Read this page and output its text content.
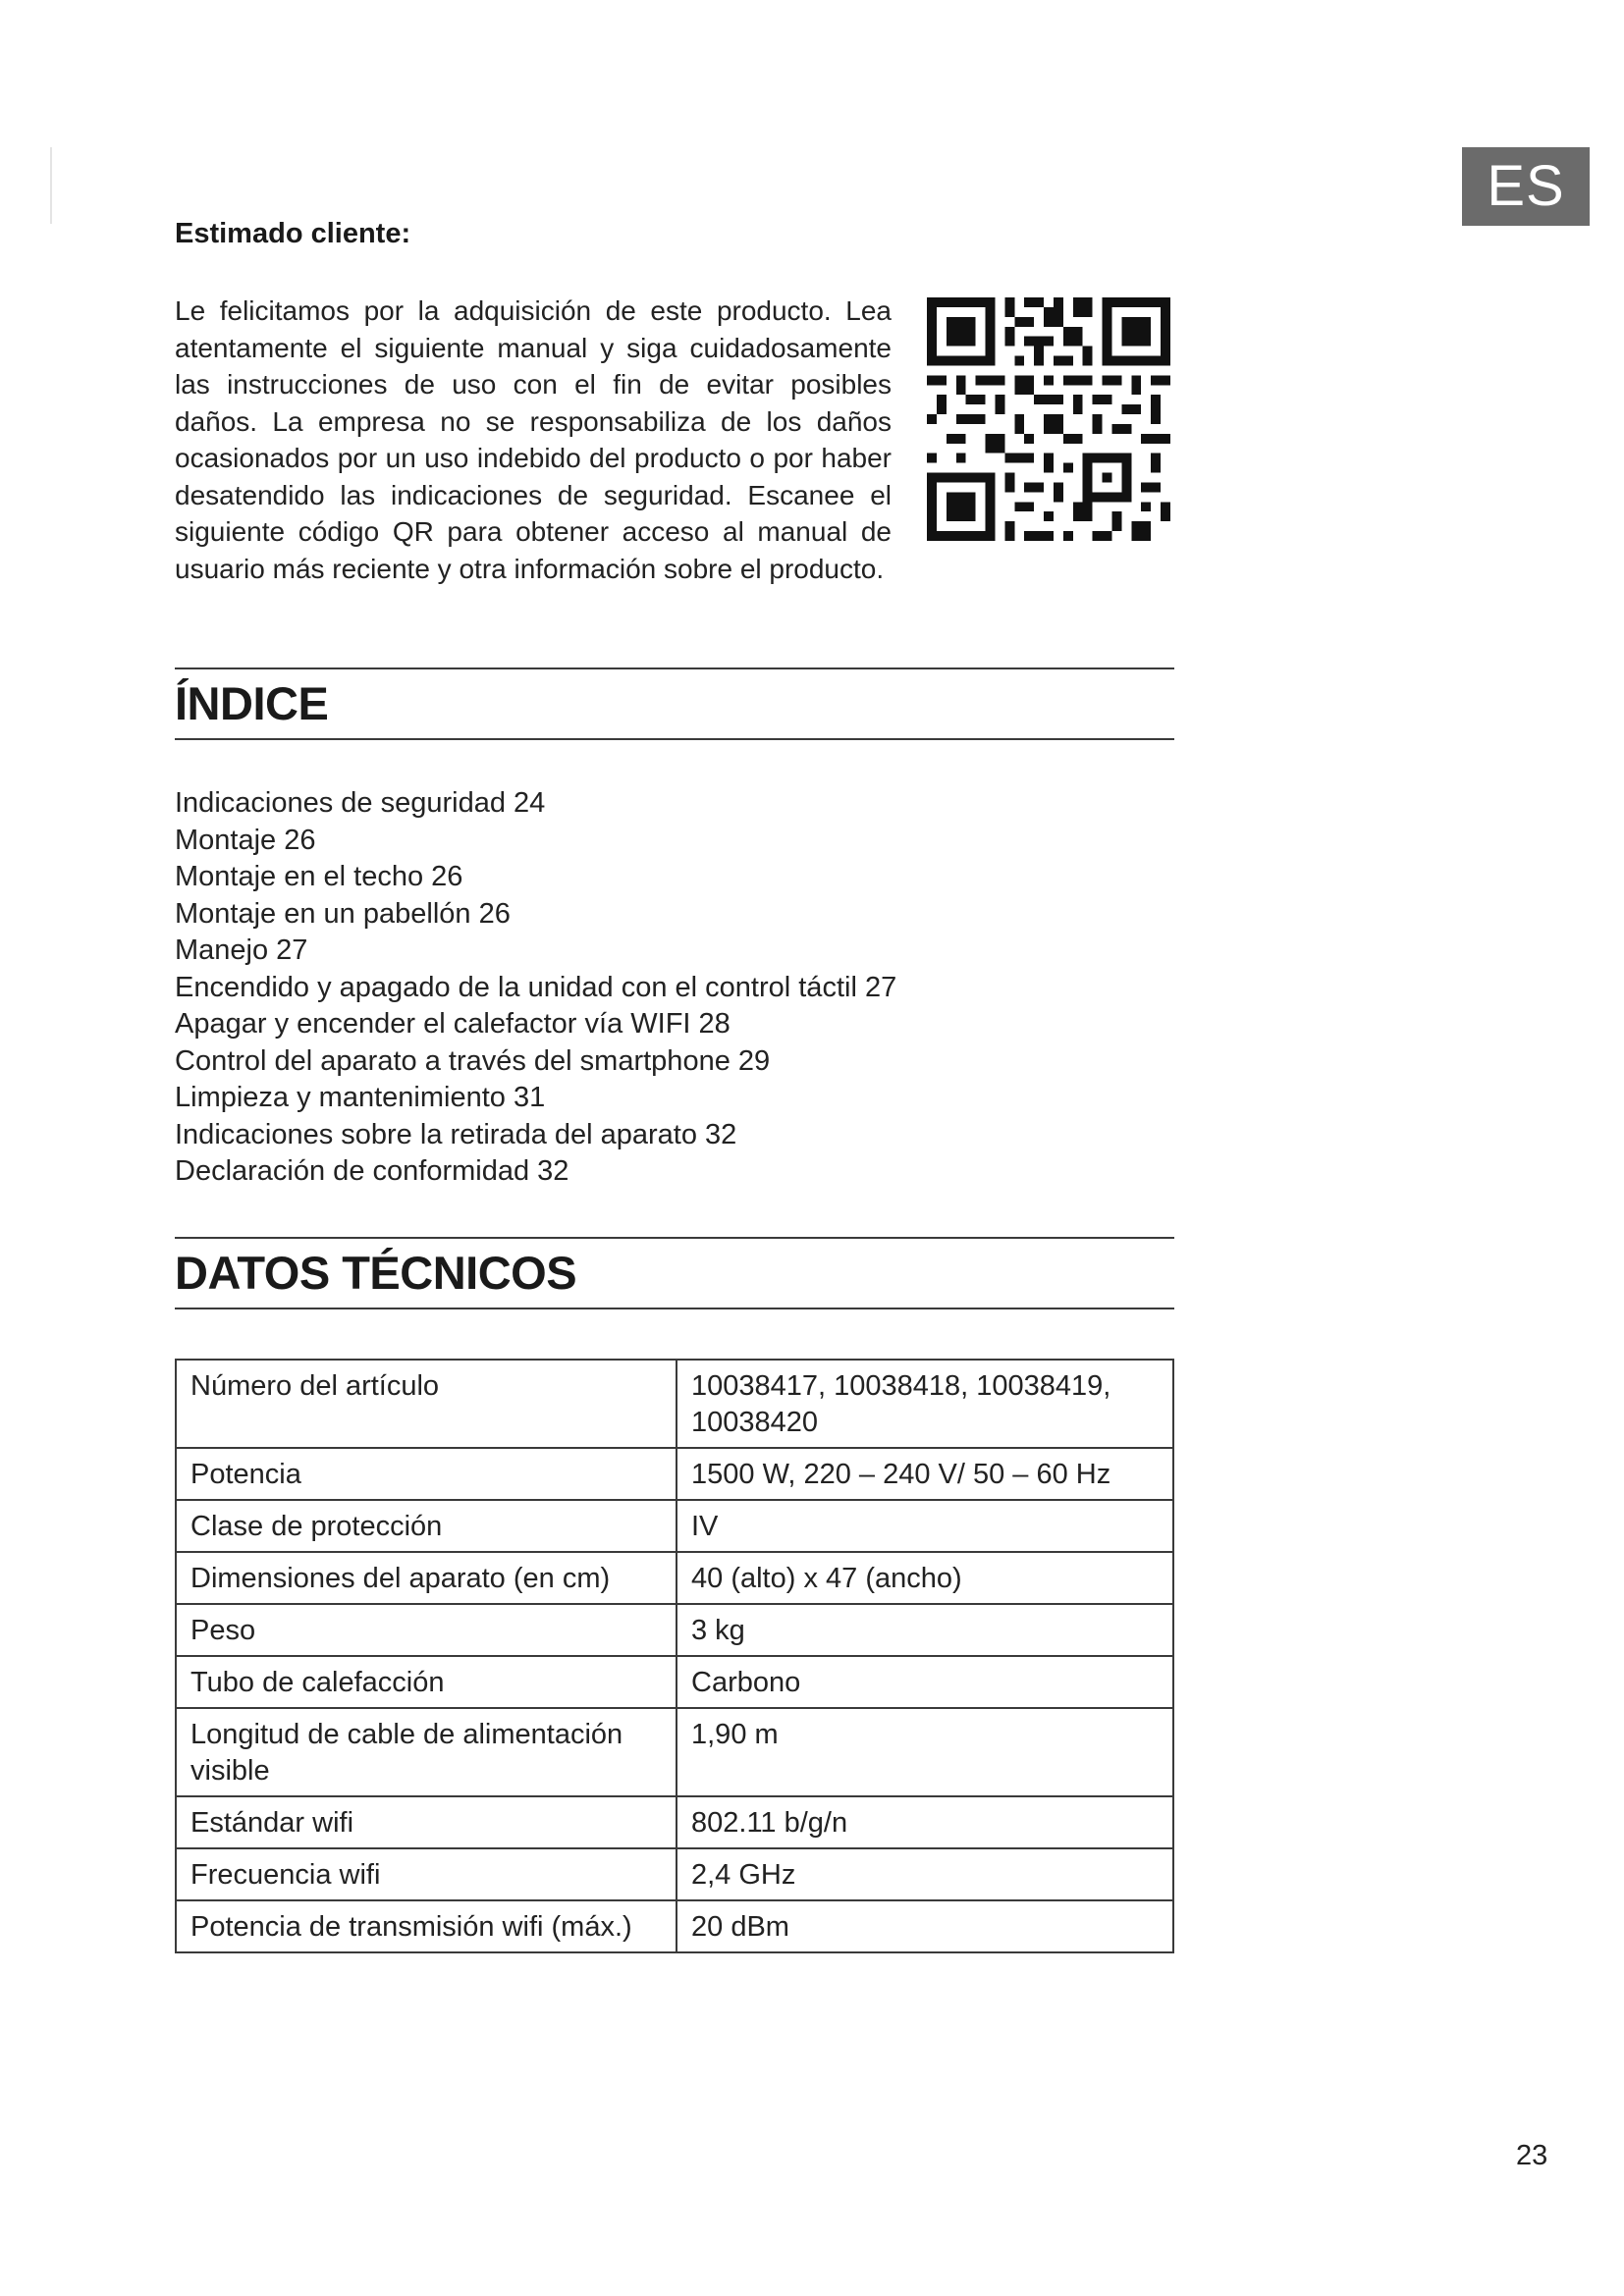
ES
Estimado cliente:

Le felicitamos por la adquisición de este producto. Lea atentamente el siguiente manual y siga cuidadosamente las instrucciones de uso con el fin de evitar posibles daños. La empresa no se responsabiliza de los daños ocasionados por un uso indebido del producto o por haber desatendido las indicaciones de seguridad. Escanee el siguiente código QR para obtener acceso al manual de usuario más reciente y otra información sobre el producto.

ÍNDICE
Indicaciones de seguridad 24
Montaje 26
Montaje en el techo 26
Montaje en un pabellón 26
Manejo 27
Encendido y apagado de la unidad con el control táctil 27
Apagar y encender el calefactor vía WIFI 28
Control del aparato a través del smartphone 29
Limpieza y mantenimiento 31
Indicaciones sobre la retirada del aparato 32
Declaración de conformidad 32
DATOS TÉCNICOS
Número del artículo	10038417, 10038418, 10038419, 10038420
Potencia	1500 W, 220 – 240 V/ 50 – 60 Hz
Clase de protección	IV
Dimensiones del aparato (en cm)	40 (alto) x 47 (ancho)
Peso	3 kg
Tubo de calefacción	Carbono
Longitud de cable de alimentación visible	1,90 m
Estándar wifi	802.11 b/g/n
Frecuencia wifi	2,4 GHz
Potencia de transmisión wifi (máx.)	20 dBm
23
